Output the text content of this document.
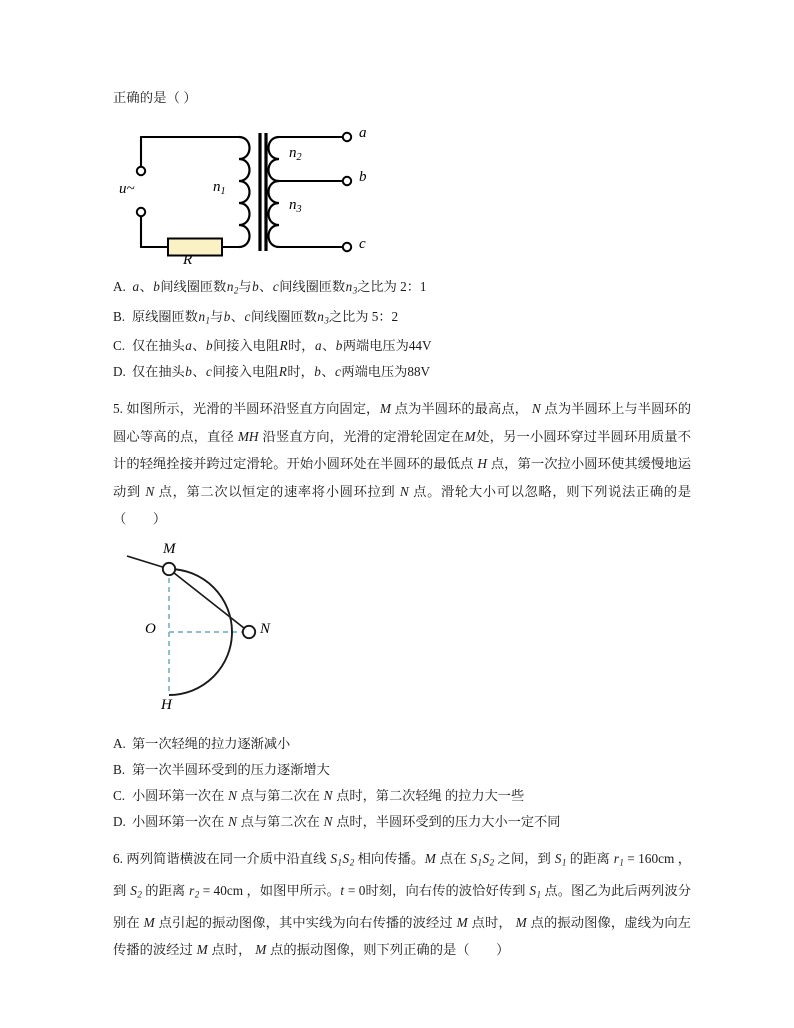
正确的是（ ）
u~	$n_1$
R
$n_2$
$n_3$
a
b
c
A. a、b间线圈匝数$n_2$与b、c间线圈匝数$n_3$之比为 2：1
B. 原线圈匝数$n_1$与b、c间线圈匝数$n_3$之比为 5：2
C. 仅在抽头a、b间接入电阻R时，a、b两端电压为44V
D. 仅在抽头b、c间接入电阻R时，b、c两端电压为88V
5. 如图所示，光滑的半圆环沿竖直方向固定，M 点为半圆环的最高点， N 点为半圆环上与半圆环的圆心等高的点，直径 MH 沿竖直方向，光滑的定滑轮固定在M处，另一小圆环穿过半圆环用质量不计的轻绳拴接并跨过定滑轮。开始小圆环处在半圆环的最低点 H 点，第一次拉小圆环使其缓慢地运动到 N 点，第二次以恒定的速率将小圆环拉到 N 点。滑轮大小可以忽略，则下列说法正确的是（　　）
M
N
O
H
A. 第一次轻绳的拉力逐渐减小
B. 第一次半圆环受到的压力逐渐增大
C. 小圆环第一次在 N 点与第二次在 N 点时，第二次轻绳 的拉力大一些
D. 小圆环第一次在 N 点与第二次在 N 点时，半圆环受到的压力大小一定不同
6. 两列简谐横波在同一介质中沿直线 $S_1S_2$ 相向传播。M 点在 $S_1S_2$ 之间，到 $S_1$ 的距离 $r_1 = 160cm$ ，到 $S_2$ 的距离 $r_2 = 40cm$ ，如图甲所示。t = 0时刻，向右传的波恰好传到 $S_1$ 点。图乙为此后两列波分别在 M 点引起的振动图像，其中实线为向右传播的波经过 M 点时， M 点的振动图像，虚线为向左传播的波经过 M 点时， M 点的振动图像，则下列正确的是（　　）
